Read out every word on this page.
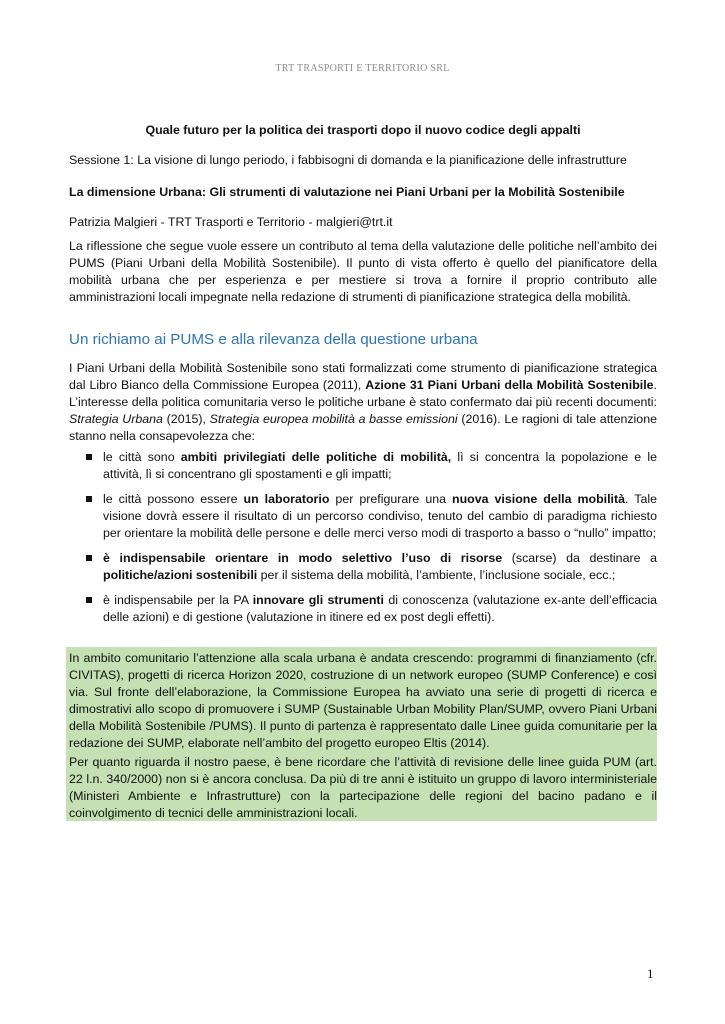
TRT TRASPORTI E TERRITORIO SRL
Quale futuro per la politica dei trasporti dopo il nuovo codice degli appalti
Sessione 1: La visione di lungo periodo, i fabbisogni di domanda e la pianificazione delle infrastrutture
La dimensione Urbana: Gli strumenti di valutazione nei Piani Urbani per la Mobilità Sostenibile
Patrizia Malgieri - TRT Trasporti e Territorio - malgieri@trt.it
La riflessione che segue vuole essere un contributo al tema della valutazione delle politiche nell’ambito dei PUMS (Piani Urbani della Mobilità Sostenibile). Il punto di vista offerto è quello del pianificatore della mobilità urbana che per esperienza e per mestiere si trova a fornire il proprio contributo alle amministrazioni locali impegnate nella redazione di strumenti di pianificazione strategica della mobilità.
Un richiamo ai PUMS e alla rilevanza della questione urbana
I Piani Urbani della Mobilità Sostenibile sono stati formalizzati come strumento di pianificazione strategica dal Libro Bianco della Commissione Europea (2011), Azione 31 Piani Urbani della Mobilità Sostenibile. L’interesse della politica comunitaria verso le politiche urbane è stato confermato dai più recenti documenti: Strategia Urbana (2015), Strategia europea mobilità a basse emissioni (2016). Le ragioni di tale attenzione stanno nella consapevolezza che:
le città sono ambiti privilegiati delle politiche di mobilità, lì si concentra la popolazione e le attività, lì si concentrano gli spostamenti e gli impatti;
le città possono essere un laboratorio per prefigurare una nuova visione della mobilità. Tale visione dovrà essere il risultato di un percorso condiviso, tenuto del cambio di paradigma richiesto per orientare la mobilità delle persone e delle merci verso modi di trasporto a basso o “nullo” impatto;
è indispensabile orientare in modo selettivo l’uso di risorse (scarse) da destinare a politiche/azioni sostenibili per il sistema della mobilità, l’ambiente, l’inclusione sociale, ecc.;
è indispensabile per la PA innovare gli strumenti di conoscenza (valutazione ex-ante dell’efficacia delle azioni) e di gestione (valutazione in itinere ed ex post degli effetti).

In ambito comunitario l’attenzione alla scala urbana è andata crescendo: programmi di finanziamento (cfr. CIVITAS), progetti di ricerca Horizon 2020, costruzione di un network europeo (SUMP Conference) e così via. Sul fronte dell’elaborazione, la Commissione Europea ha avviato una serie di progetti di ricerca e dimostrativi allo scopo di promuovere i SUMP (Sustainable Urban Mobility Plan/SUMP, ovvero Piani Urbani della Mobilità Sostenibile /PUMS). Il punto di partenza è rappresentato dalle Linee guida comunitarie per la redazione dei SUMP, elaborate nell’ambito del progetto europeo Eltis (2014).

Per quanto riguarda il nostro paese, è bene ricordare che l’attività di revisione delle linee guida PUM (art. 22 l.n. 340/2000) non si è ancora conclusa. Da più di tre anni è istituito un gruppo di lavoro interministeriale (Ministeri Ambiente e Infrastrutture) con la partecipazione delle regioni del bacino padano e il coinvolgimento di tecnici delle amministrazioni locali.

1
